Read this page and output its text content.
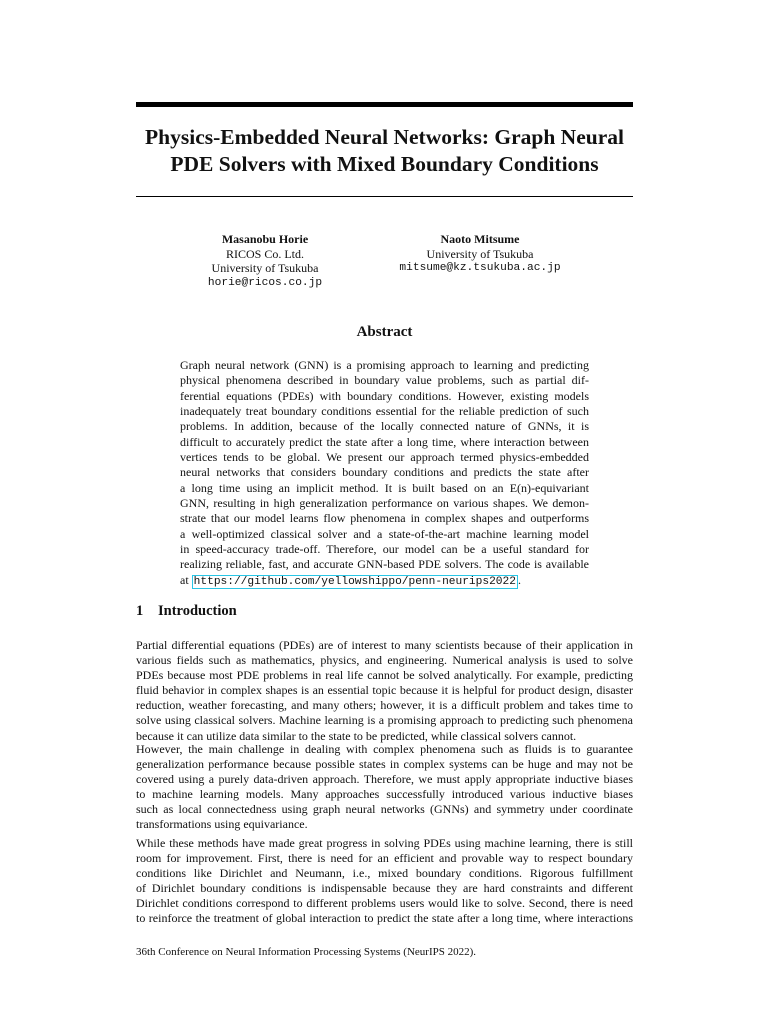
Physics-Embedded Neural Networks: Graph Neural
PDE Solvers with Mixed Boundary Conditions
Masanobu Horie
RICOS Co. Ltd.
University of Tsukuba
horie@ricos.co.jp
Naoto Mitsume
University of Tsukuba
mitsume@kz.tsukuba.ac.jp
Abstract
Graph neural network (GNN) is a promising approach to learning and predicting
physical phenomena described in boundary value problems, such as partial dif-
ferential equations (PDEs) with boundary conditions. However, existing models
inadequately treat boundary conditions essential for the reliable prediction of such
problems. In addition, because of the locally connected nature of GNNs, it is
difficult to accurately predict the state after a long time, where interaction between
vertices tends to be global. We present our approach termed physics-embedded
neural networks that considers boundary conditions and predicts the state after
a long time using an implicit method. It is built based on an E(n)-equivariant
GNN, resulting in high generalization performance on various shapes. We demon-
strate that our model learns flow phenomena in complex shapes and outperforms
a well-optimized classical solver and a state-of-the-art machine learning model
in speed-accuracy trade-off. Therefore, our model can be a useful standard for
realizing reliable, fast, and accurate GNN-based PDE solvers. The code is available
at https://github.com/yellowshippo/penn-neurips2022 .
1 Introduction
Partial differential equations (PDEs) are of interest to many scientists because of their application in
various fields such as mathematics, physics, and engineering. Numerical analysis is used to solve
PDEs because most PDE problems in real life cannot be solved analytically. For example, predicting
fluid behavior in complex shapes is an essential topic because it is helpful for product design, disaster
reduction, weather forecasting, and many others; however, it is a difficult problem and takes time to
solve using classical solvers. Machine learning is a promising approach to predicting such phenomena
because it can utilize data similar to the state to be predicted, while classical solvers cannot.
However, the main challenge in dealing with complex phenomena such as fluids is to guarantee
generalization performance because possible states in complex systems can be huge and may not be
covered using a purely data-driven approach. Therefore, we must apply appropriate inductive biases
to machine learning models. Many approaches successfully introduced various inductive biases
such as local connectedness using graph neural networks (GNNs) and symmetry under coordinate
transformations using equivariance.
While these methods have made great progress in solving PDEs using machine learning, there is still
room for improvement. First, there is need for an efficient and provable way to respect boundary
conditions like Dirichlet and Neumann, i.e., mixed boundary conditions. Rigorous fulfillment
of Dirichlet boundary conditions is indispensable because they are hard constraints and different
Dirichlet conditions correspond to different problems users would like to solve. Second, there is need
to reinforce the treatment of global interaction to predict the state after a long time, where interactions
36th Conference on Neural Information Processing Systems (NeurIPS 2022).
